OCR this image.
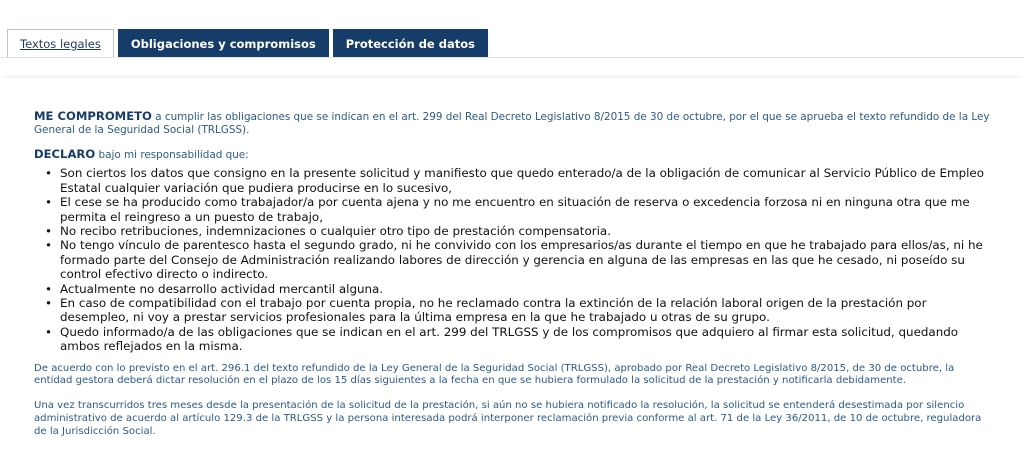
Textos legales	Obligaciones y compromisos	Protección de datos

ME COMPROMETO a cumplir las obligaciones que se indican en el art. 299 del Real Decreto Legislativo 8/2015 de 30 de octubre, por el que se aprueba el texto refundido de la Ley General de la Seguridad Social (TRLGSS).

DECLARO bajo mi responsabilidad que:

• Son ciertos los datos que consigno en la presente solicitud y manifiesto que quedo enterado/a de la obligación de comunicar al Servicio Público de Empleo Estatal cualquier variación que pudiera producirse en lo sucesivo,
• El cese se ha producido como trabajador/a por cuenta ajena y no me encuentro en situación de reserva o excedencia forzosa ni en ninguna otra que me permita el reingreso a un puesto de trabajo,
• No recibo retribuciones, indemnizaciones o cualquier otro tipo de prestación compensatoria.
• No tengo vínculo de parentesco hasta el segundo grado, ni he convivido con los empresarios/as durante el tiempo en que he trabajado para ellos/as, ni he formado parte del Consejo de Administración realizando labores de dirección y gerencia en alguna de las empresas en las que he cesado, ni poseído su control efectivo directo o indirecto.
• Actualmente no desarrollo actividad mercantil alguna.
• En caso de compatibilidad con el trabajo por cuenta propia, no he reclamado contra la extinción de la relación laboral origen de la prestación por desempleo, ni voy a prestar servicios profesionales para la última empresa en la que he trabajado u otras de su grupo.
• Quedo informado/a de las obligaciones que se indican en el art. 299 del TRLGSS y de los compromisos que adquiero al firmar esta solicitud, quedando ambos reflejados en la misma.

De acuerdo con lo previsto en el art. 296.1 del texto refundido de la Ley General de la Seguridad Social (TRLGSS), aprobado por Real Decreto Legislativo 8/2015, de 30 de octubre, la entidad gestora deberá dictar resolución en el plazo de los 15 días siguientes a la fecha en que se hubiera formulado la solicitud de la prestación y notificarla debidamente.

Una vez transcurridos tres meses desde la presentación de la solicitud de la prestación, si aún no se hubiera notificado la resolución, la solicitud se entenderá desestimada por silencio administrativo de acuerdo al artículo 129.3 de la TRLGSS y la persona interesada podrá interponer reclamación previa conforme al art. 71 de la Ley 36/2011, de 10 de octubre, reguladora de la Jurisdicción Social.
